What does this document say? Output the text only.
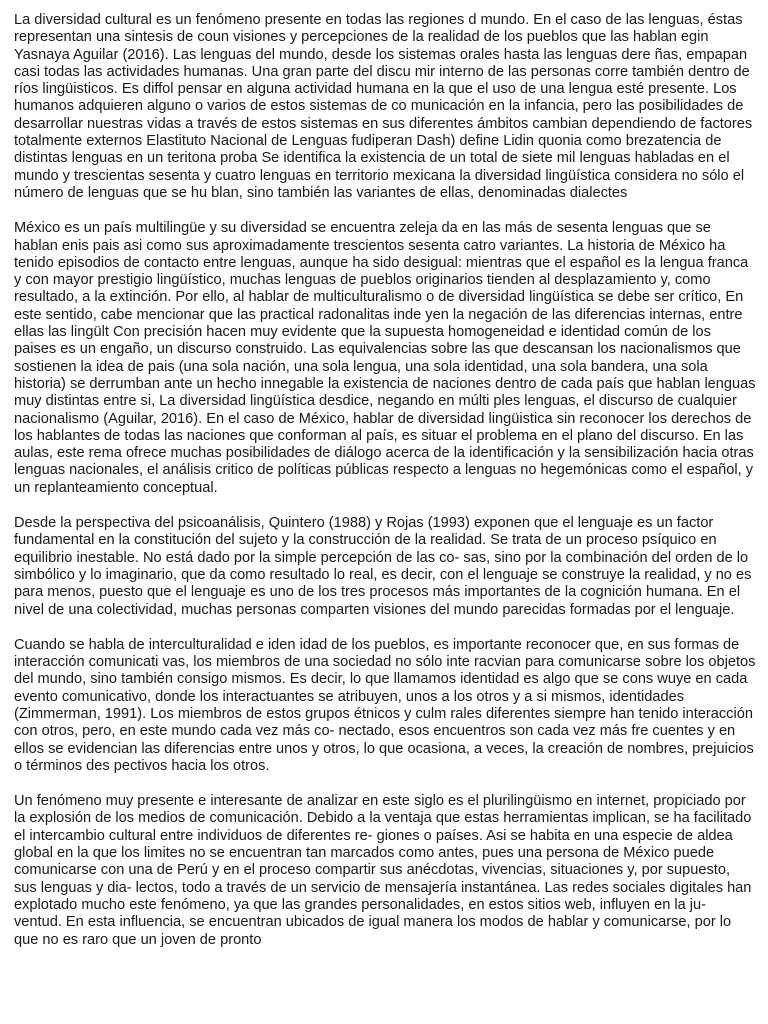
La diversidad cultural es un fenómeno presente en todas las regiones d mundo. En el caso de las lenguas, éstas representan una sintesis de coun visiones y percepciones de la realidad de los pueblos que las hablan egin Yasnaya Aguilar (2016). Las lenguas del mundo, desde los sistemas orales hasta las lenguas dere ñas, empapan casi todas las actividades humanas. Una gran parte del discu mir interno de las personas corre también dentro de ríos lingüisticos. Es diffol pensar en alguna actividad humana en la que el uso de una lengua esté presente. Los humanos adquieren alguno o varios de estos sistemas de co municación en la infancia, pero las posibilidades de desarrollar nuestras vidas a través de estos sistemas en sus diferentes ámbitos cambian dependiendo de factores totalmente externos Elastituto Nacional de Lenguas fudiperan Dash) define Lidin quonia como brezatencia de distintas lenguas en un teritona proba Se identifica la existencia de un total de siete mil lenguas habladas en el mundo y trescientas sesenta y cuatro lenguas en territorio mexicana la diversidad lingüística considera no sólo el número de lenguas que se hu blan, sino también las variantes de ellas, denominadas dialectes

México es un país multilingüe y su diversidad se encuentra zeleja da en las más de sesenta lenguas que se hablan enis pais asi como sus aproximadamente trescientos sesenta catro variantes. La historia de México ha tenido episodios de contacto entre lenguas, aunque ha sido desigual: mientras que el español es la lengua franca y con mayor prestigio lingüístico, muchas lenguas de pueblos originarios tienden al desplazamiento y, como resultado, a la extinción. Por ello, al hablar de multiculturalismo o de diversidad lingüística se debe ser crítico, En este sentido, cabe mencionar que las practical radonalitas inde yen la negación de las diferencias internas, entre ellas las lingült Con precisión hacen muy evidente que la supuesta homogeneidad e identidad común de los paises es un engaño, un discurso construido. Las equivalencias sobre las que descansan los nacionalismos que sostienen la idea de pais (una sola nación, una sola lengua, una sola identidad, una sola bandera, una sola historia) se derrumban ante un hecho innegable la existencia de naciones dentro de cada país que hablan lenguas muy distintas entre si, La diversidad lingüística desdice, negando en múlti ples lenguas, el discurso de cualquier nacionalismo (Aguilar, 2016). En el caso de México, hablar de diversidad lingüistica sin reconocer los derechos de los hablantes de todas las naciones que conforman al país, es situar el problema en el plano del discurso. En las aulas, este rema ofrece muchas posibilidades de diálogo acerca de la identificación y la sensibilización hacia otras lenguas nacionales, el análisis critico de políticas públicas respecto a lenguas no hegemónicas como el español, y un replanteamiento conceptual.

Desde la perspectiva del psicoanálisis, Quintero (1988) y Rojas (1993) exponen que el lenguaje es un factor fundamental en la constitución del sujeto y la construcción de la realidad. Se trata de un proceso psíquico en equilibrio inestable. No está dado por la simple percepción de las co- sas, sino por la combinación del orden de lo simbólico y lo imaginario, que da como resultado lo real, es decir, con el lenguaje se construye la realidad, y no es para menos, puesto que el lenguaje es uno de los tres procesos más importantes de la cognición humana. En el nivel de una colectividad, muchas personas comparten visiones del mundo parecidas formadas por el lenguaje.

Cuando se habla de interculturalidad e iden idad de los pueblos, es importante reconocer que, en sus formas de interacción comunicati vas, los miembros de una sociedad no sólo inte racvian para comunicarse sobre los objetos del mundo, sino también consigo mismos. Es decir, lo que llamamos identidad es algo que se cons wuye en cada evento comunicativo, donde los interactuantes se atribuyen, unos a los otros y a si mismos, identidades (Zimmerman, 1991). Los miembros de estos grupos étnicos y culm rales diferentes siempre han tenido interacción con otros, pero, en este mundo cada vez más co- nectado, esos encuentros son cada vez más fre cuentes y en ellos se evidencian las diferencias entre unos y otros, lo que ocasiona, a veces, la creación de nombres, prejuicios o términos des pectivos hacia los otros.

Un fenómeno muy presente e interesante de analizar en este siglo es el plurilingüismo en internet, propiciado por la explosión de los medios de comunicación. Debido a la ventaja que estas herramientas implican, se ha facilitado el intercambio cultural entre individuos de diferentes re- giones o países. Asi se habita en una especie de aldea global en la que los limites no se encuentran tan marcados como antes, pues una persona de México puede comunicarse con una de Perú y en el proceso compartir sus anécdotas, vivencias, situaciones y, por supuesto, sus lenguas y dia- lectos, todo a través de un servicio de mensajería instantánea. Las redes sociales digitales han explotado mucho este fenómeno, ya que las grandes personalidades, en estos sitios web, influyen en la ju- ventud. En esta influencia, se encuentran ubicados de igual manera los modos de hablar y comunicarse, por lo que no es raro que un joven de pronto
